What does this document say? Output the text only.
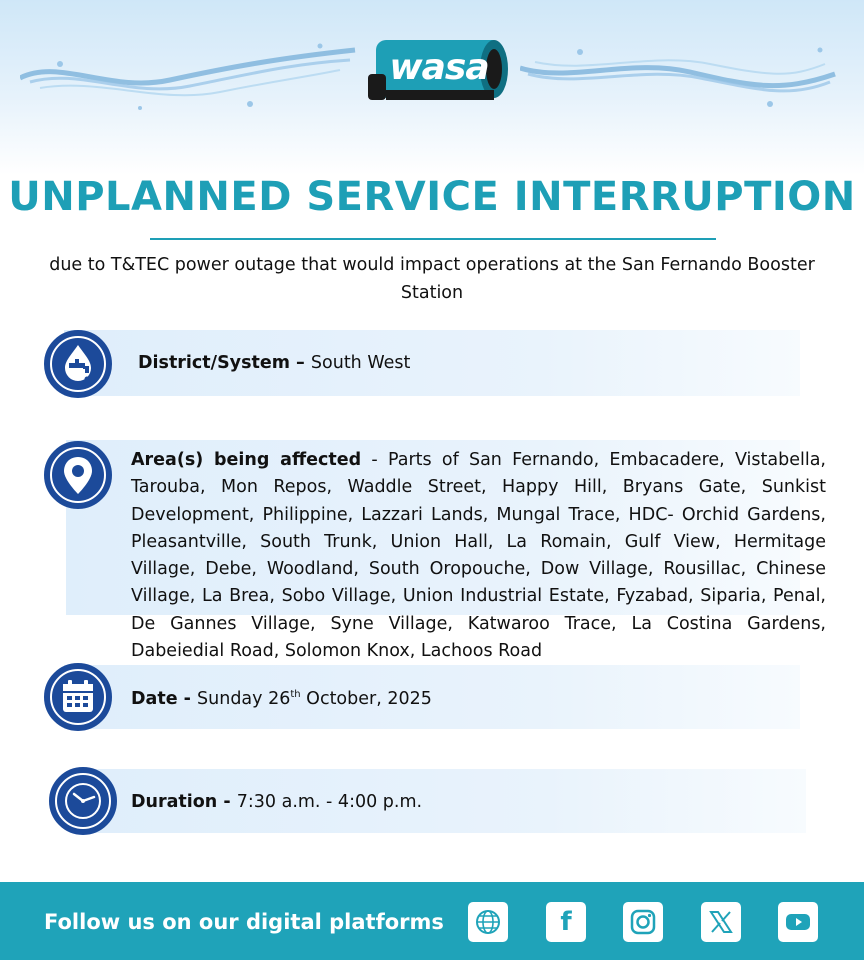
wasa
UNPLANNED SERVICE INTERRUPTION
due to T&TEC power outage that would impact operations at the San Fernando Booster Station
District/System – South West
Area(s) being affected - Parts of San Fernando, Embacadere, Vistabella, Tarouba, Mon Repos, Waddle Street, Happy Hill, Bryans Gate, Sunkist Development, Philippine, Lazzari Lands, Mungal Trace, HDC- Orchid Gardens, Pleasantville, South Trunk, Union Hall, La Romain, Gulf View, Hermitage Village, Debe, Woodland, South Oropouche, Dow Village, Rousillac, Chinese Village, La Brea, Sobo Village, Union Industrial Estate, Fyzabad, Siparia, Penal, De Gannes Village, Syne Village, Katwaroo Trace, La Costina Gardens, Dabeiedial Road, Solomon Knox, Lachoos Road
Date - Sunday 26th October, 2025
Duration - 7:30 a.m. - 4:00 p.m.
Follow us on our digital platforms	f
